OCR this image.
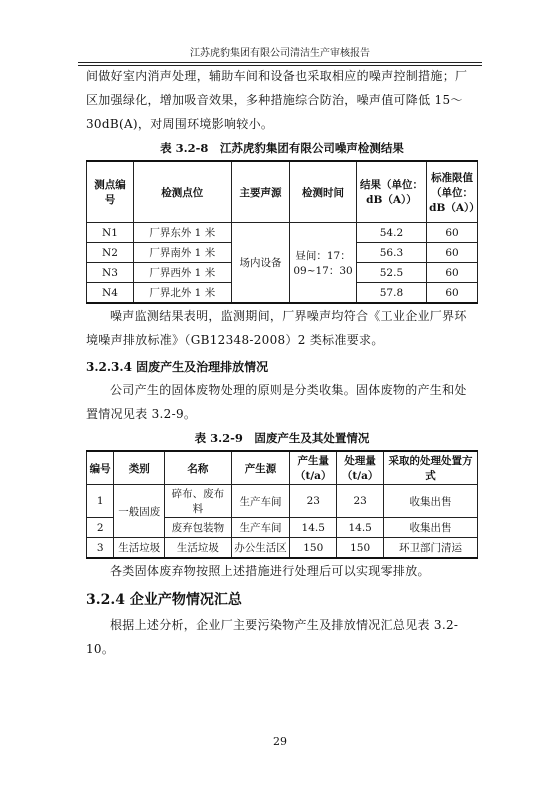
江苏虎豹集团有限公司清洁生产审核报告

间做好室内消声处理，辅助车间和设备也采取相应的噪声控制措施；厂区加强绿化，增加吸音效果，多种措施综合防治，噪声值可降低 15～30dB(A)，对周围环境影响较小。

表 3.2-8　江苏虎豹集团有限公司噪声检测结果
测点编号	检测点位	主要声源	检测时间	结果（单位：dB（A））	标准限值（单位：dB（A））
N1	厂界东外 1 米	场内设备	昼间：17：09~17：30	54.2	60
N2	厂界南外 1 米			56.3	60
N3	厂界西外 1 米			52.5	60
N4	厂界北外 1 米			57.8	60

噪声监测结果表明，监测期间，厂界噪声均符合《工业企业厂界环境噪声排放标准》（GB12348-2008）2 类标准要求。

3.2.3.4 固废产生及治理排放情况

公司产生的固体废物处理的原则是分类收集。固体废物的产生和处置情况见表 3.2-9。

表 3.2-9　固废产生及其处置情况
编号	类别	名称	产生源	产生量（t/a）	处理量（t/a）	采取的处理处置方式
1	一般固废	碎布、废布料	生产车间	23	23	收集出售
2		废弃包装物	生产车间	14.5	14.5	收集出售
3	生活垃圾	生活垃圾	办公生活区	150	150	环卫部门清运

各类固体废弃物按照上述措施进行处理后可以实现零排放。

3.2.4 企业产物情况汇总

根据上述分析，企业厂主要污染物产生及排放情况汇总见表 3.2-10。

29
